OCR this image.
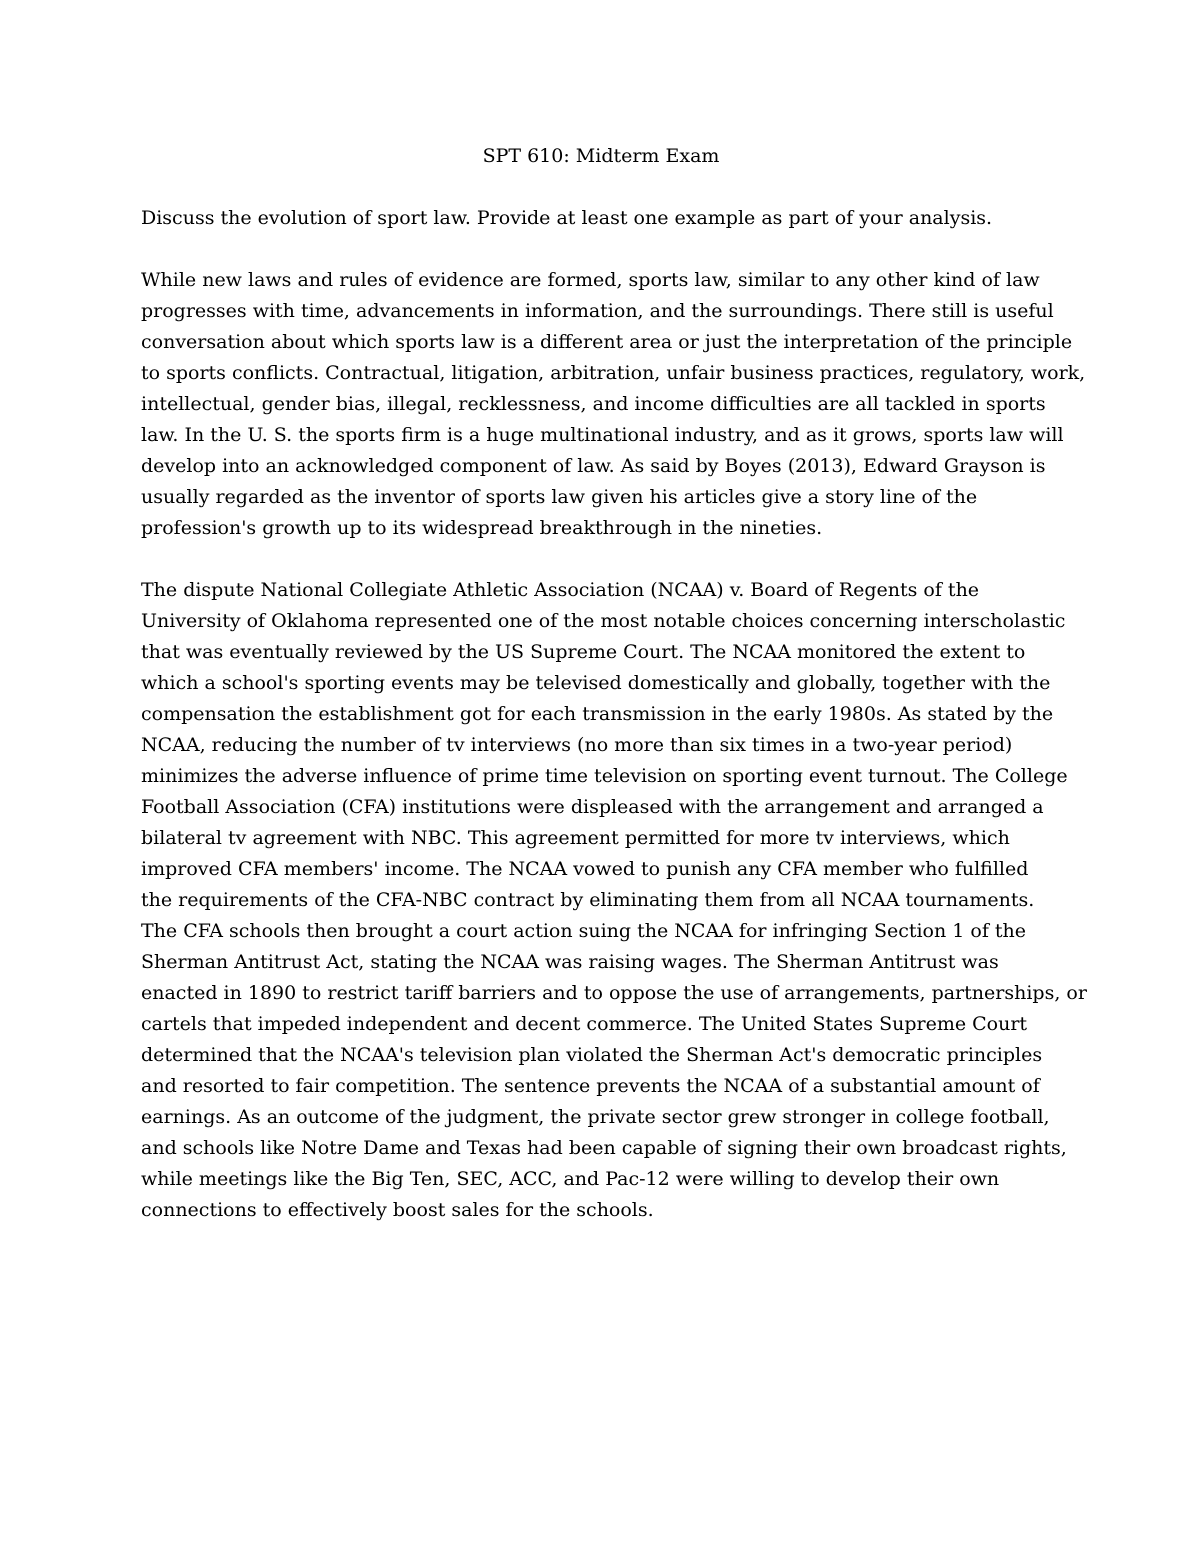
SPT 610: Midterm Exam

Discuss the evolution of sport law. Provide at least one example as part of your analysis.

While new laws and rules of evidence are formed, sports law, similar to any other kind of law
progresses with time, advancements in information, and the surroundings. There still is useful
conversation about which sports law is a different area or just the interpretation of the principle
to sports conflicts. Contractual, litigation, arbitration, unfair business practices, regulatory, work,
intellectual, gender bias, illegal, recklessness, and income difficulties are all tackled in sports
law. In the U. S. the sports firm is a huge multinational industry, and as it grows, sports law will
develop into an acknowledged component of law. As said by Boyes (2013), Edward Grayson is
usually regarded as the inventor of sports law given his articles give a story line of the
profession's growth up to its widespread breakthrough in the nineties.

The dispute National Collegiate Athletic Association (NCAA) v. Board of Regents of the
University of Oklahoma represented one of the most notable choices concerning interscholastic
that was eventually reviewed by the US Supreme Court. The NCAA monitored the extent to
which a school's sporting events may be televised domestically and globally, together with the
compensation the establishment got for each transmission in the early 1980s. As stated by the
NCAA, reducing the number of tv interviews (no more than six times in a two-year period)
minimizes the adverse influence of prime time television on sporting event turnout. The College
Football Association (CFA) institutions were displeased with the arrangement and arranged a
bilateral tv agreement with NBC. This agreement permitted for more tv interviews, which
improved CFA members' income. The NCAA vowed to punish any CFA member who fulfilled
the requirements of the CFA-NBC contract by eliminating them from all NCAA tournaments.
The CFA schools then brought a court action suing the NCAA for infringing Section 1 of the
Sherman Antitrust Act, stating the NCAA was raising wages. The Sherman Antitrust was
enacted in 1890 to restrict tariff barriers and to oppose the use of arrangements, partnerships, or
cartels that impeded independent and decent commerce. The United States Supreme Court
determined that the NCAA's television plan violated the Sherman Act's democratic principles
and resorted to fair competition. The sentence prevents the NCAA of a substantial amount of
earnings. As an outcome of the judgment, the private sector grew stronger in college football,
and schools like Notre Dame and Texas had been capable of signing their own broadcast rights,
while meetings like the Big Ten, SEC, ACC, and Pac-12 were willing to develop their own
connections to effectively boost sales for the schools.
